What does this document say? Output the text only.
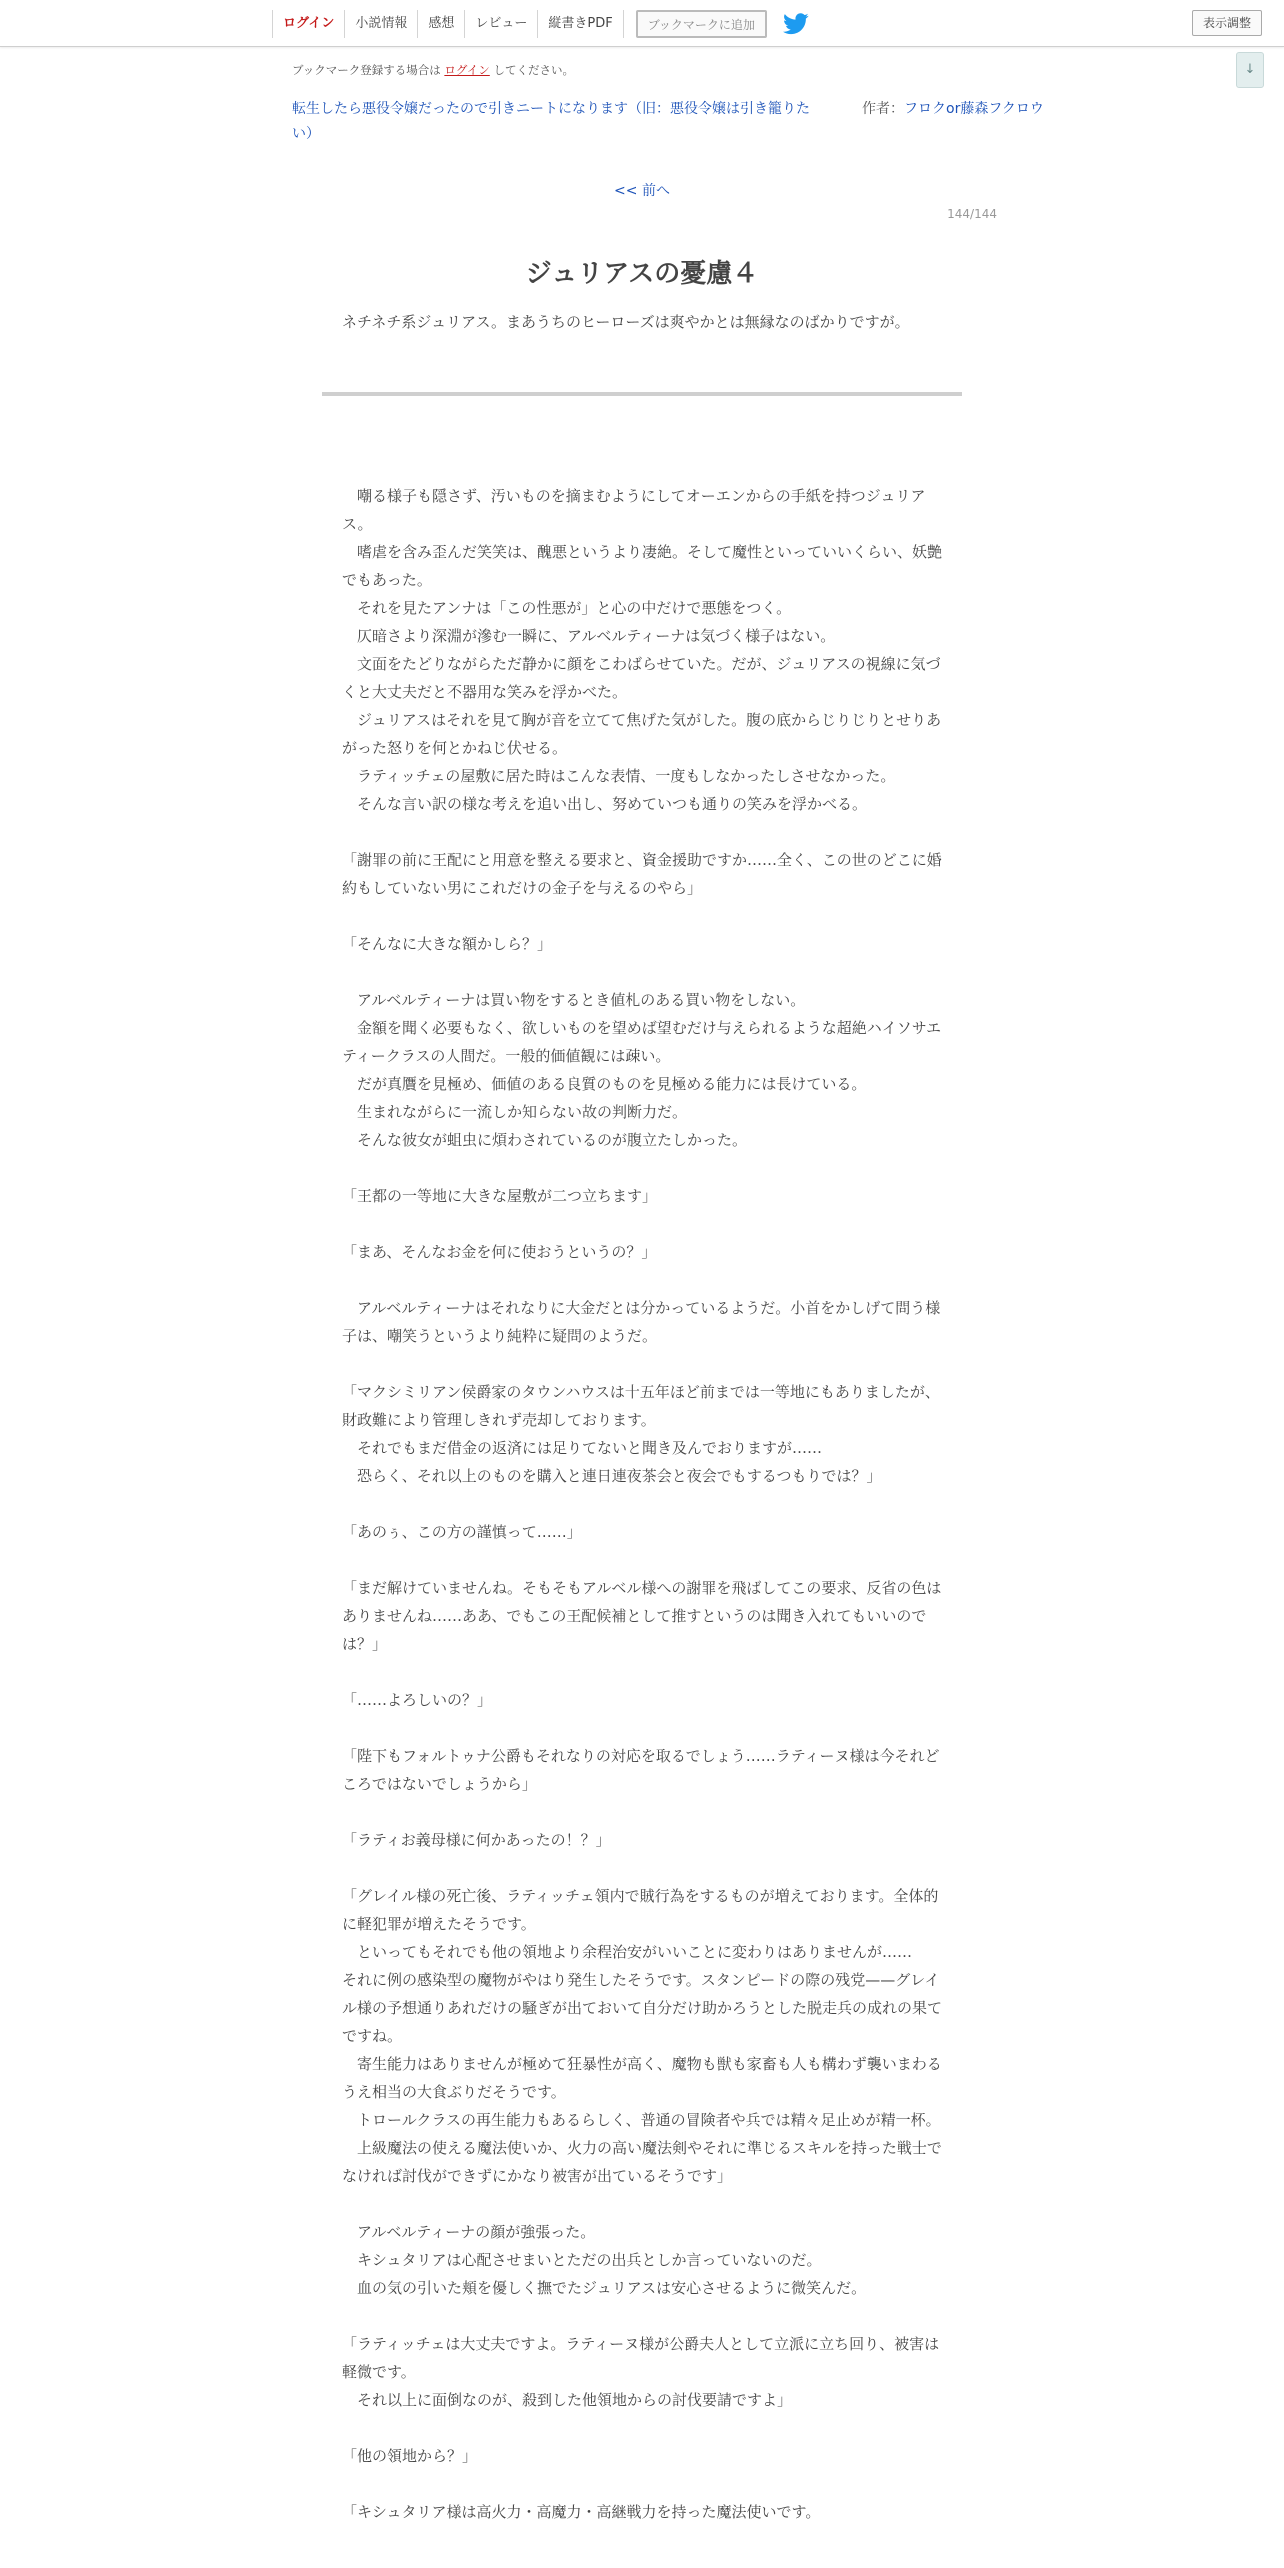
ログイン	小説情報	感想	レビュー	縦書きPDF	ブックマークに追加	表示調整
↓
ブックマーク登録する場合は ログイン してください。
転生したら悪役令嬢だったので引きニートになります（旧：悪役令嬢は引き籠りたい）
作者：フロクor藤森フクロウ
<< 前へ
144/144
ジュリアスの憂慮４
ネチネチ系ジュリアス。まあうちのヒーローズは爽やかとは無縁なのばかりですが。

　嘲る様子も隠さず、汚いものを摘まむようにしてオーエンからの手紙を持つジュリアス。

　嗜虐を含み歪んだ笑笑は、醜悪というより凄絶。そして魔性といっていいくらい、妖艶でもあった。

　それを見たアンナは「この性悪が」と心の中だけで悪態をつく。

　仄暗さより深淵が滲む一瞬に、アルベルティーナは気づく様子はない。

　文面をたどりながらただ静かに顔をこわばらせていた。だが、ジュリアスの視線に気づくと大丈夫だと不器用な笑みを浮かべた。

　ジュリアスはそれを見て胸が音を立てて焦げた気がした。腹の底からじりじりとせりあがった怒りを何とかねじ伏せる。

　ラティッチェの屋敷に居た時はこんな表情、一度もしなかったしさせなかった。

　そんな言い訳の様な考えを追い出し、努めていつも通りの笑みを浮かべる。

「謝罪の前に王配にと用意を整える要求と、資金援助ですか……全く、この世のどこに婚約もしていない男にこれだけの金子を与えるのやら」

「そんなに大きな額かしら？」

　アルベルティーナは買い物をするとき値札のある買い物をしない。

　金額を聞く必要もなく、欲しいものを望めば望むだけ与えられるような超絶ハイソサエティークラスの人間だ。一般的価値観には疎い。

　だが真贋を見極め、価値のある良質のものを見極める能力には長けている。

　生まれながらに一流しか知らない故の判断力だ。

　そんな彼女が蛆虫に煩わされているのが腹立たしかった。

「王都の一等地に大きな屋敷が二つ立ちます」

「まあ、そんなお金を何に使おうというの？」

　アルベルティーナはそれなりに大金だとは分かっているようだ。小首をかしげて問う様子は、嘲笑うというより純粋に疑問のようだ。

「マクシミリアン侯爵家のタウンハウスは十五年ほど前までは一等地にもありましたが、財政難により管理しきれず売却しております。

　それでもまだ借金の返済には足りてないと聞き及んでおりますが……

　恐らく、それ以上のものを購入と連日連夜茶会と夜会でもするつもりでは？」

「あのぅ、この方の謹慎って……」

「まだ解けていませんね。そもそもアルベル様への謝罪を飛ばしてこの要求、反省の色はありませんね……ああ、でもこの王配候補として推すというのは聞き入れてもいいのでは？」

「……よろしいの？」

「陛下もフォルトゥナ公爵もそれなりの対応を取るでしょう……ラティーヌ様は今それどころではないでしょうから」

「ラティお義母様に何かあったの！？」

「グレイル様の死亡後、ラティッチェ領内で賊行為をするものが増えております。全体的に軽犯罪が増えたそうです。

　といってもそれでも他の領地より余程治安がいいことに変わりはありませんが……

それに例の感染型の魔物がやはり発生したそうです。スタンピードの際の残党——グレイル様の予想通りあれだけの騒ぎが出ておいて自分だけ助かろうとした脱走兵の成れの果てですね。

　寄生能力はありませんが極めて狂暴性が高く、魔物も獣も家畜も人も構わず襲いまわるうえ相当の大食ぶりだそうです。

　トロールクラスの再生能力もあるらしく、普通の冒険者や兵では精々足止めが精一杯。

　上級魔法の使える魔法使いか、火力の高い魔法剣やそれに準じるスキルを持った戦士でなければ討伐ができずにかなり被害が出ているそうです」

　アルベルティーナの顔が強張った。

　キシュタリアは心配させまいとただの出兵としか言っていないのだ。

　血の気の引いた頬を優しく撫でたジュリアスは安心させるように微笑んだ。

「ラティッチェは大丈夫ですよ。ラティーヌ様が公爵夫人として立派に立ち回り、被害は軽微です。

　それ以上に面倒なのが、殺到した他領地からの討伐要請ですよ」

「他の領地から？」

「キシュタリア様は高火力・高魔力・高継戦力を持った魔法使いです。
